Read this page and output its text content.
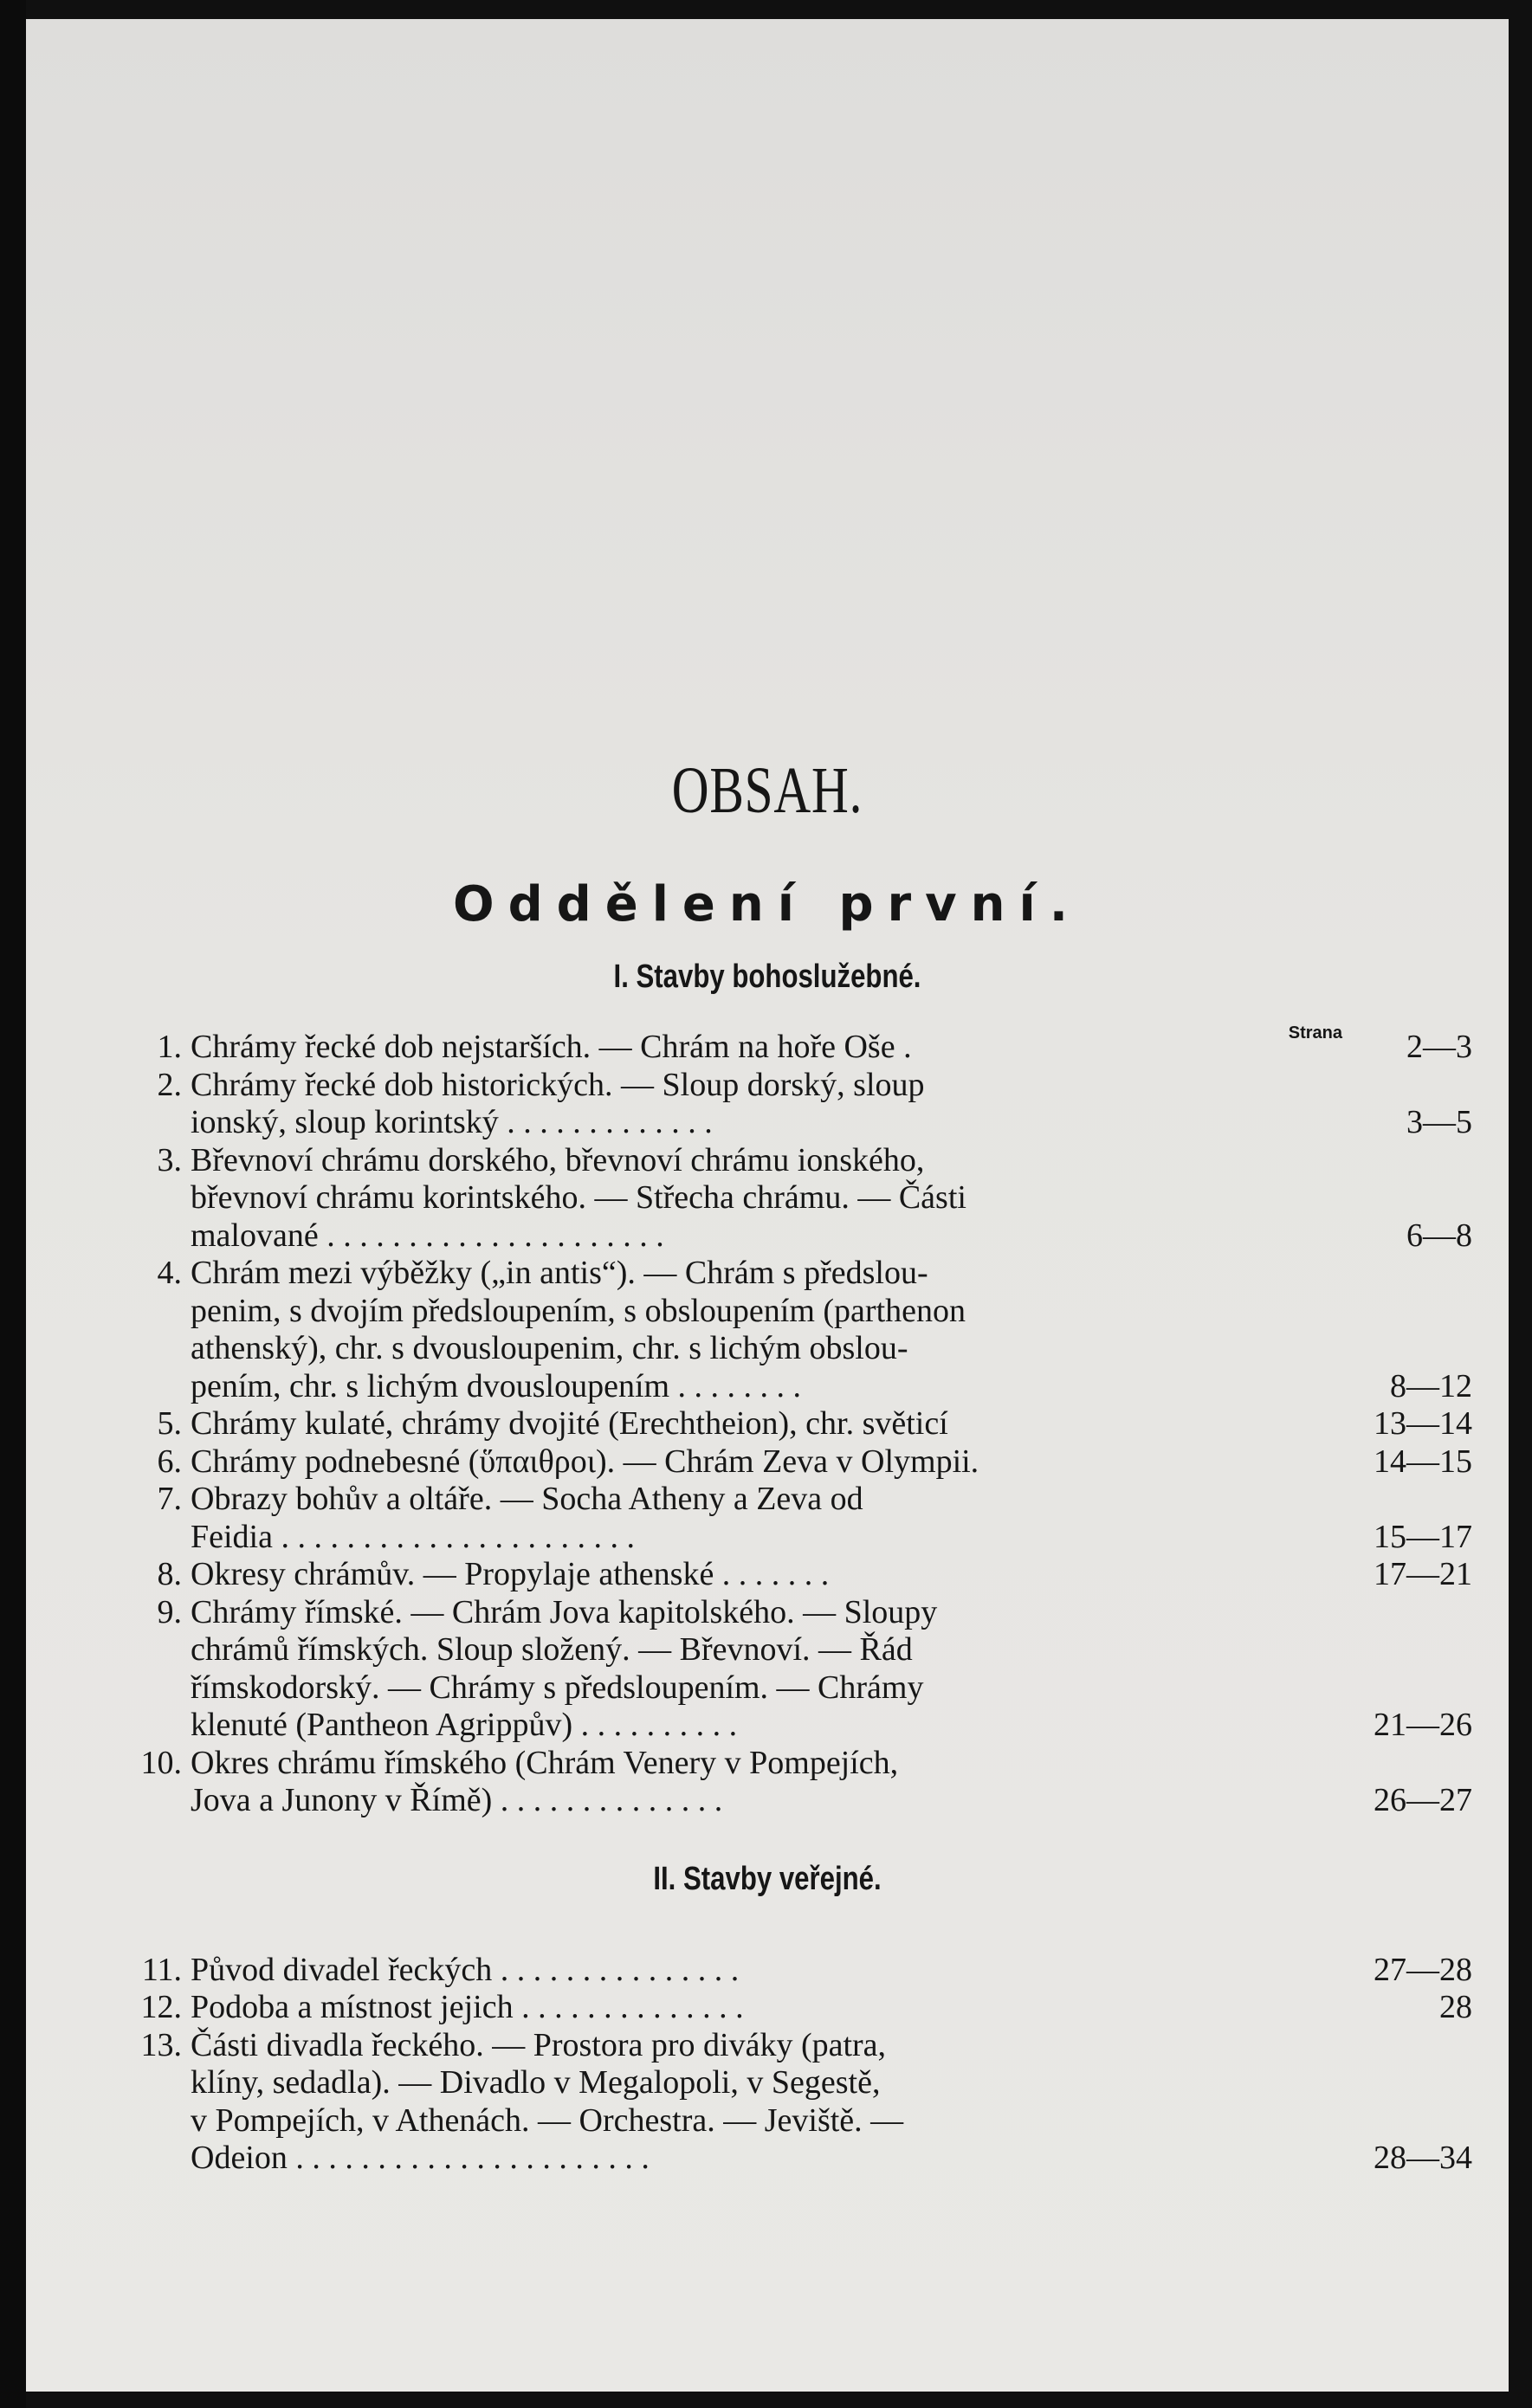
OBSAH.
Oddělení první.
I. Stavby bohoslužebné.
Strana
1. Chrámy řecké dob nejstarších. — Chrám na hoře Oše .	2—3
2. Chrámy řecké dob historických. — Sloup dorský, sloup
ionský, sloup korintský . . . . . . . . . . . . .	3—5
3. Břevnoví chrámu dorského, břevnoví chrámu ionského,
břevnoví chrámu korintského. — Střecha chrámu. — Části
malované . . . . . . . . . . . . . . . . . . . . .	6—8
4. Chrám mezi výběžky („in antis“). — Chrám s předslou-
penim, s dvojím předsloupením, s obsloupením (parthenon
athenský), chr. s dvousloupenim, chr. s lichým obslou-
pením, chr. s lichým dvousloupením . . . . . . . .	8—12
5. Chrámy kulaté, chrámy dvojité (Erechtheion), chr. světicí	13—14
6. Chrámy podnebesné (ὕπαιθροι). — Chrám Zeva v Olympii.	14—15
7. Obrazy bohův a oltáře. — Socha Atheny a Zeva od
Feidia . . . . . . . . . . . . . . . . . . . . . .	15—17
8. Okresy chrámův. — Propylaje athenské . . . . . . .	17—21
9. Chrámy římské. — Chrám Jova kapitolského. — Sloupy
chrámů římských. Sloup složený. — Břevnoví. — Řád
římskodorský. — Chrámy s předsloupením. — Chrámy
klenuté (Pantheon Agrippův) . . . . . . . . . .	21—26
10. Okres chrámu římského (Chrám Venery v Pompejích,
Jova a Junony v Římě) . . . . . . . . . . . . . .	26—27
II. Stavby veřejné.
11. Původ divadel řeckých . . . . . . . . . . . . . . .	27—28
12. Podoba a místnost jejich . . . . . . . . . . . . . .	28
13. Části divadla řeckého. — Prostora pro diváky (patra,
klíny, sedadla). — Divadlo v Megalopoli, v Segestě,
v Pompejích, v Athenách. — Orchestra. — Jeviště. —
Odeion . . . . . . . . . . . . . . . . . . . . . .	28—34
